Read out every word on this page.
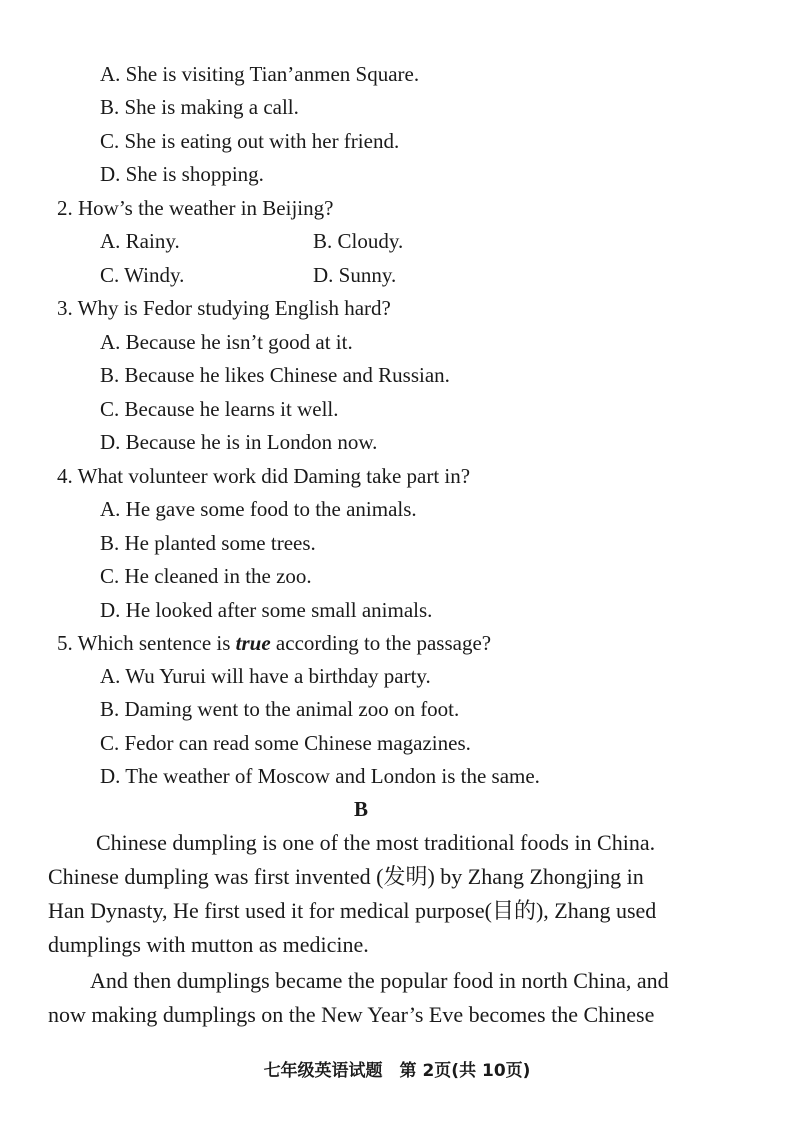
A. She is visiting Tian’anmen Square.
B. She is making a call.
C. She is eating out with her friend.
D. She is shopping.
2. How’s the weather in Beijing?
A. Rainy.	B. Cloudy.
C. Windy.	D. Sunny.
3. Why is Fedor studying English hard?
A. Because he isn’t good at it.
B. Because he likes Chinese and Russian.
C. Because he learns it well.
D. Because he is in London now.
4. What volunteer work did Daming take part in?
A. He gave some food to the animals.
B. He planted some trees.
C. He cleaned in the zoo.
D. He looked after some small animals.
5. Which sentence is true according to the passage?
A. Wu Yurui will have a birthday party.
B. Daming went to the animal zoo on foot.
C. Fedor can read some Chinese magazines.
D. The weather of Moscow and London is the same.
B
Chinese dumpling is one of the most traditional foods in China.
Chinese dumpling was first invented (发明) by Zhang Zhongjing in
Han Dynasty, He first used it for medical purpose(目的), Zhang used
dumplings with mutton as medicine.
And then dumplings became the popular food in north China, and
now making dumplings on the New Year’s Eve becomes the Chinese
七年级英语试题　第 2页(共 10页)
